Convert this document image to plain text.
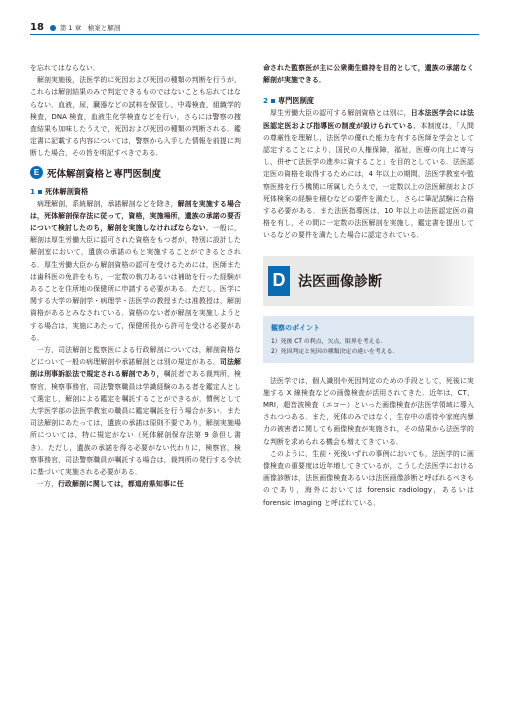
18 第 1 章　検案と解剖

を忘れてはならない．

解剖実施後，法医学的に死因および死因の種類の判断を行うが，これらは解剖結果のみで判定できるものではないことも忘れてはならない．血液，尿，臓器などの試料を保管し，中毒検査，組織学的検査，DNA 検査，血液生化学検査などを行い，さらには警察の捜査結果も加味したうえで，死因および死因の種類の判断される．鑑定書に記載する内容については，警察から入手した情報を前提に判断した場合，その旨を明記すべきである．

E 死体解剖資格と専門医制度
1 死体解剖資格

病理解剖，系統解剖，承諾解剖などを除き，解剖を実施する場合は，死体解剖保存法に従って，資格，実施場所，遺族の承諾の要否について検討したのち，解剖を実施しなければならない．一般に，解剖は厚生労働大臣に認可された資格をもつ者が，特別に設計した解剖室において，遺族の承諾のもと実施することができるとされる．厚生労働大臣から解剖資格の認可を受けるためには，医師または歯科医の免許をもち，一定数の執刀あるいは補助を行った経験があることを住所地の保健所に申請する必要がある．ただし，医学に関する大学の解剖学・病理学・法医学の教授または准教授は，解剖資格があるとみなされている．資格のない者が解剖を実施しようとする場合は，実施にあたって，保健所長から許可を受ける必要がある．

一方，司法解剖と監察医による行政解剖については，解剖資格などについて一般の病理解剖や承諾解剖とは別の規定がある．司法解剖は刑事訴訟法で規定される解剖であり，嘱託者である裁判所，検察官，検察事務官，司法警察職員は学識経験のある者を鑑定人として選定し，解剖による鑑定を嘱託することができるが，慣例として大学医学部の法医学教室の職員に鑑定嘱託を行う場合が多い．また司法解剖にあたっては，遺族の承諾は原則不要であり，解剖実施場所については，特に規定がない（死体解剖保存法第 9 条但し書き）．ただし，遺族の承諾を得る必要がない代わりに，検察官，検察事務官，司法警察職員が嘱託する場合は，裁判所の発行する令状に基づいて実施される必要がある．

一方，行政解剖に関しては，都道府県知事に任

命された監察医が主に公衆衛生維持を目的として，遺族の承諾なく解剖が実施できる．

2 専門医制度

厚生労働大臣の認可する解剖資格とは別に，日本法医学会には法医認定医および指導医の制度が設けられている．本制度は，「人間の尊厳性を理解し，法医学の優れた能力を有する医師を学会として認定することにより，国民の人権保障，福祉，医療の向上に寄与し，併せて法医学の進歩に資すること」を目的としている．法医認定医の資格を取得するためには，4 年以上の期間，法医学教室や監察医務を行う機関に所属したうえで，一定数以上の法医解剖および死体検案の経験を積むなどの要件を満たし，さらに筆記試験に合格する必要がある．また法医指導医は，10 年以上の法医認定医の資格を有し，その間に一定数の法医解剖を実施し，鑑定書を提出しているなどの要件を満たした場合に認定されている．

D 法医画像診断
観察のポイント
1）死後 CT の利点，欠点，限界を考える．
2）死因判定と死因の種類決定の違いを考える．

法医学では，個人識別や死因判定のための手段として，死後に実施する X 線検査などの画像検査が活用されてきた．近年は，CT，MRI，超音波検査（エコー）といった画像検査が法医学領域に導入されつつある．また，死体のみではなく，生存中の虐待や家庭内暴力の被害者に関しても画像検査が実施され，その結果から法医学的な判断を求められる機会も増えてきている．

このように，生前・死後いずれの事例においても，法医学的に画像検査の重要度は近年増してきているが，こうした法医学における画像診断は，法医画像検査あるいは法医画像診断と呼ばれるべきものであり，海外においては forensic radiology，あるいは forensic imaging と呼ばれている．
